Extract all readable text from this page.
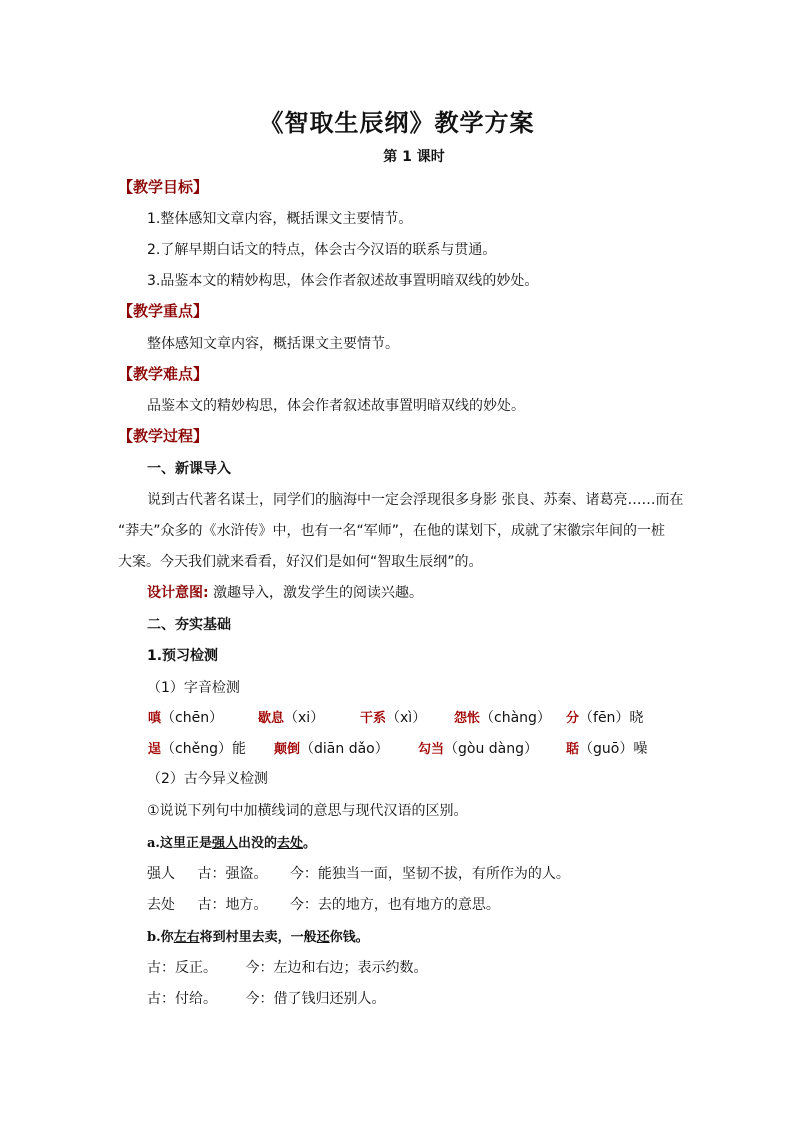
《智取生辰纲》教学方案
第 1 课时
【教学目标】
1.整体感知文章内容，概括课文主要情节。
2.了解早期白话文的特点，体会古今汉语的联系与贯通。
3.品鉴本文的精妙构思，体会作者叙述故事置明暗双线的妙处。
【教学重点】
整体感知文章内容，概括课文主要情节。
【教学难点】
品鉴本文的精妙构思，体会作者叙述故事置明暗双线的妙处。
【教学过程】
一、新课导入
说到古代著名谋士，同学们的脑海中一定会浮现很多身影 张良、苏秦、诸葛亮……而在
“莽夫”众多的《水浒传》中，也有一名“军师”，在他的谋划下，成就了宋徽宗年间的一桩
大案。今天我们就来看看，好汉们是如何“智取生辰纲”的。
设计意图: 激趣导入，激发学生的阅读兴趣。
二、夯实基础
1.预习检测
（1）字音检测
嗔（chēn）	歇息（xi）	干系（xì） 怨怅（chàng） 分（fēn）晓
逞（chěng）能 颠倒（diān dǎo） 勾当（gòu dàng） 聒（guō）噪
（2）古今异义检测
①说说下列句中加横线词的意思与现代汉语的区别。
a.这里正是强人出没的去处。
强人 古：强盗。 今：能独当一面，坚韧不拔，有所作为的人。
去处 古：地方。 今：去的地方，也有地方的意思。
b.你左右将到村里去卖，一般还你钱。
古：反正。 今：左边和右边；表示约数。
古：付给。 今：借了钱归还别人。
